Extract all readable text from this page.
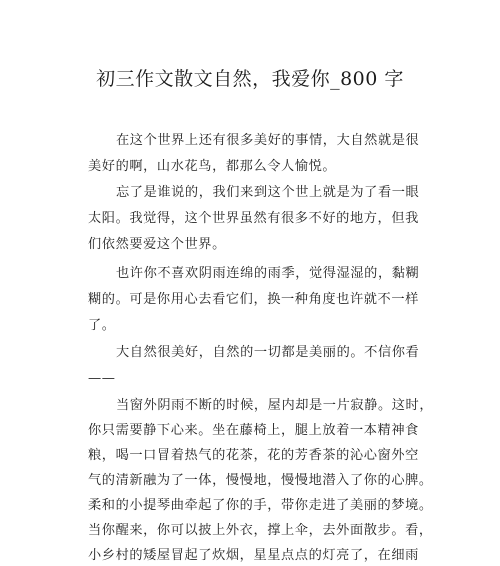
初三作文散文自然，我爱你_800 字

在这个世界上还有很多美好的事情，大自然就是很

美好的啊，山水花鸟，都那么令人愉悦。

忘了是谁说的，我们来到这个世上就是为了看一眼

太阳。我觉得，这个世界虽然有很多不好的地方，但我

们依然要爱这个世界。

也许你不喜欢阴雨连绵的雨季，觉得湿湿的，黏糊

糊的。可是你用心去看它们，换一种角度也许就不一样

了。

大自然很美好，自然的一切都是美丽的。不信你看

——

当窗外阴雨不断的时候，屋内却是一片寂静。这时，

你只需要静下心来。坐在藤椅上，腿上放着一本精神食

粮，喝一口冒着热气的花茶，花的芳香茶的沁心窗外空

气的清新融为了一体，慢慢地，慢慢地潜入了你的心脾。

柔和的小提琴曲牵起了你的手，带你走进了美丽的梦境。

当你醒来，你可以披上外衣，撑上伞，去外面散步。看，

小乡村的矮屋冒起了炊烟，星星点点的灯亮了，在细雨
